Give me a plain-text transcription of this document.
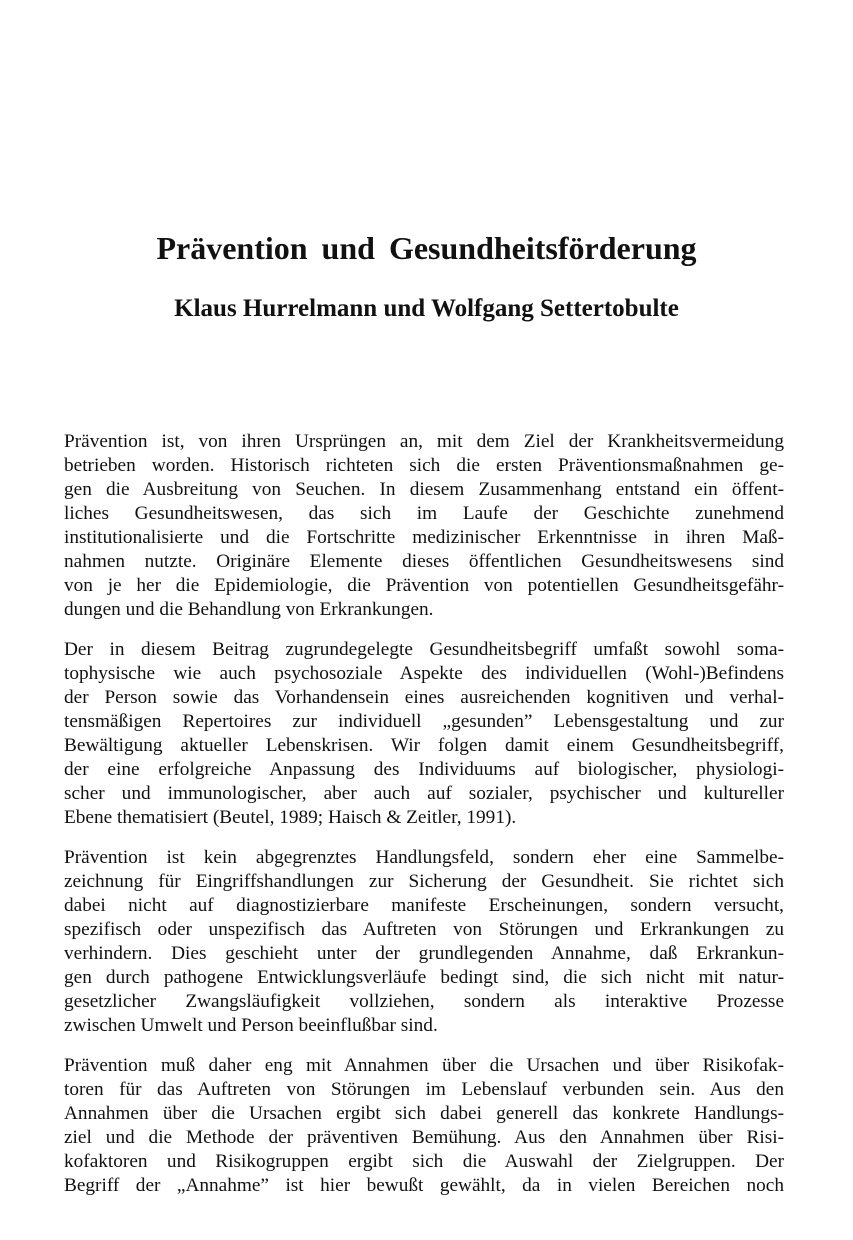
Prävention und Gesundheitsförderung
Klaus Hurrelmann und Wolfgang Settertobulte

Prävention ist, von ihren Ursprüngen an, mit dem Ziel der Krankheitsvermeidung
betrieben worden. Historisch richteten sich die ersten Präventionsmaßnahmen ge-
gen die Ausbreitung von Seuchen. In diesem Zusammenhang entstand ein öffent-
liches Gesundheitswesen, das sich im Laufe der Geschichte zunehmend
institutionalisierte und die Fortschritte medizinischer Erkenntnisse in ihren Maß-
nahmen nutzte. Originäre Elemente dieses öffentlichen Gesundheitswesens sind
von je her die Epidemiologie, die Prävention von potentiellen Gesundheitsgefähr-
dungen und die Behandlung von Erkrankungen.

Der in diesem Beitrag zugrundegelegte Gesundheitsbegriff umfaßt sowohl soma-
tophysische wie auch psychosoziale Aspekte des individuellen (Wohl-)Befindens
der Person sowie das Vorhandensein eines ausreichenden kognitiven und verhal-
tensmäßigen Repertoires zur individuell „gesunden” Lebensgestaltung und zur
Bewältigung aktueller Lebenskrisen. Wir folgen damit einem Gesundheitsbegriff,
der eine erfolgreiche Anpassung des Individuums auf biologischer, physiologi-
scher und immunologischer, aber auch auf sozialer, psychischer und kultureller
Ebene thematisiert (Beutel, 1989; Haisch & Zeitler, 1991).

Prävention ist kein abgegrenztes Handlungsfeld, sondern eher eine Sammelbe-
zeichnung für Eingriffshandlungen zur Sicherung der Gesundheit. Sie richtet sich
dabei nicht auf diagnostizierbare manifeste Erscheinungen, sondern versucht,
spezifisch oder unspezifisch das Auftreten von Störungen und Erkrankungen zu
verhindern. Dies geschieht unter der grundlegenden Annahme, daß Erkrankun-
gen durch pathogene Entwicklungsverläufe bedingt sind, die sich nicht mit natur-
gesetzlicher Zwangsläufigkeit vollziehen, sondern als interaktive Prozesse
zwischen Umwelt und Person beeinflußbar sind.

Prävention muß daher eng mit Annahmen über die Ursachen und über Risikofak-
toren für das Auftreten von Störungen im Lebenslauf verbunden sein. Aus den
Annahmen über die Ursachen ergibt sich dabei generell das konkrete Handlungs-
ziel und die Methode der präventiven Bemühung. Aus den Annahmen über Risi-
kofaktoren und Risikogruppen ergibt sich die Auswahl der Zielgruppen. Der
Begriff der „Annahme” ist hier bewußt gewählt, da in vielen Bereichen noch
